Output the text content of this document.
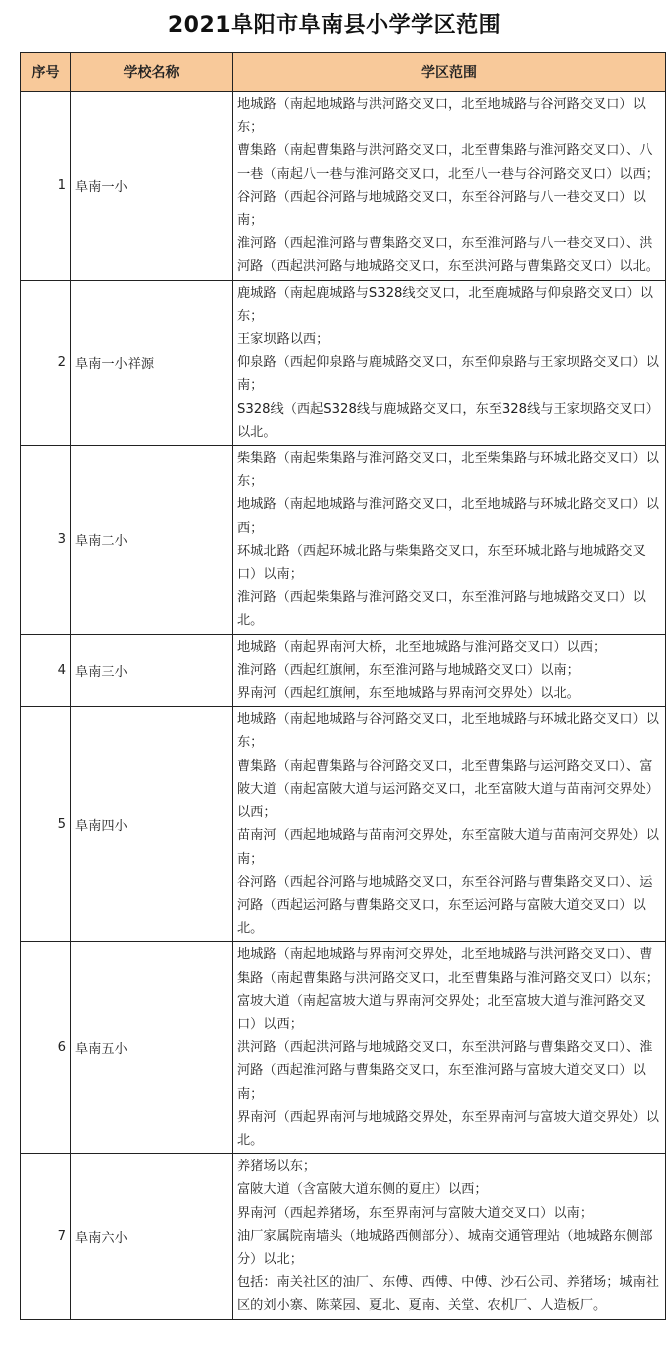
2021阜阳市阜南县小学学区范围
序号	学校名称	学区范围
1	阜南一小	地城路（南起地城路与洪河路交叉口，北至地城路与谷河路交叉口）以东；
曹集路（南起曹集路与洪河路交叉口，北至曹集路与淮河路交叉口）、八一巷（南起八一巷与淮河路交叉口，北至八一巷与谷河路交叉口）以西；
谷河路（西起谷河路与地城路交叉口，东至谷河路与八一巷交叉口）以南；
淮河路（西起淮河路与曹集路交叉口，东至淮河路与八一巷交叉口）、洪河路（西起洪河路与地城路交叉口，东至洪河路与曹集路交叉口）以北。

2	阜南一小祥源	鹿城路（南起鹿城路与S328线交叉口，北至鹿城路与仰泉路交叉口）以东；
王家坝路以西；
仰泉路（西起仰泉路与鹿城路交叉口，东至仰泉路与王家坝路交叉口）以南；
S328线（西起S328线与鹿城路交叉口，东至328线与王家坝路交叉口）以北。

3	阜南二小	柴集路（南起柴集路与淮河路交叉口，北至柴集路与环城北路交叉口）以东；
地城路（南起地城路与淮河路交叉口，北至地城路与环城北路交叉口）以西；
环城北路（西起环城北路与柴集路交叉口，东至环城北路与地城路交叉口）以南；
淮河路（西起柴集路与淮河路交叉口，东至淮河路与地城路交叉口）以北。

4	阜南三小	地城路（南起界南河大桥，北至地城路与淮河路交叉口）以西；
淮河路（西起红旗闸，东至淮河路与地城路交叉口）以南；
界南河（西起红旗闸，东至地城路与界南河交界处）以北。

5	阜南四小	地城路（南起地城路与谷河路交叉口，北至地城路与环城北路交叉口）以东；
曹集路（南起曹集路与谷河路交叉口，北至曹集路与运河路交叉口）、富陂大道（南起富陂大道与运河路交叉口，北至富陂大道与苗南河交界处）以西；
苗南河（西起地城路与苗南河交界处，东至富陂大道与苗南河交界处）以南；
谷河路（西起谷河路与地城路交叉口，东至谷河路与曹集路交叉口）、运河路（西起运河路与曹集路交叉口，东至运河路与富陂大道交叉口）以北。

6	阜南五小	地城路（南起地城路与界南河交界处，北至地城路与洪河路交叉口）、曹集路（南起曹集路与洪河路交叉口，北至曹集路与淮河路交叉口）以东；
富坡大道（南起富坡大道与界南河交界处；北至富坡大道与淮河路交叉口）以西；
洪河路（西起洪河路与地城路交叉口，东至洪河路与曹集路交叉口）、淮河路（西起淮河路与曹集路交叉口，东至淮河路与富坡大道交叉口）以南；
界南河（西起界南河与地城路交界处，东至界南河与富坡大道交界处）以北。

7	阜南六小	养猪场以东；
富陂大道（含富陂大道东侧的夏庄）以西；
界南河（西起养猪场，东至界南河与富陂大道交叉口）以南；
油厂家属院南墙头（地城路西侧部分）、城南交通管理站（地城路东侧部分）以北；
包括：南关社区的油厂、东傅、西傅、中傅、沙石公司、养猪场；城南社区的刘小寨、陈菜园、夏北、夏南、关堂、农机厂、人造板厂。
